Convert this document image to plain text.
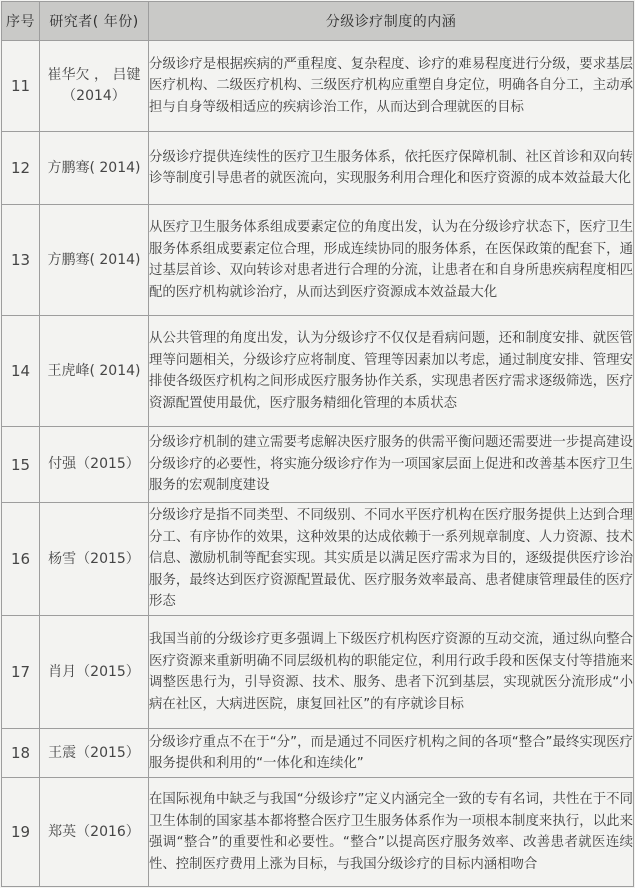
序号	研究者( 年份)	分级诊疗制度的内涵
11	崔华欠 ， 吕键（2014）	分级诊疗是根据疾病的严重程度、复杂程度、诊疗的难易程度进行分级，要求基层医疗机构、二级医疗机构、三级医疗机构应重塑自身定位，明确各自分工，主动承担与自身等级相适应的疾病诊治工作，从而达到合理就医的目标
12	方鹏骞( 2014)	分级诊疗提供连续性的医疗卫生服务体系，依托医疗保障机制、社区首诊和双向转诊等制度引导患者的就医流向，实现服务利用合理化和医疗资源的成本效益最大化
13	方鹏骞( 2014)	从医疗卫生服务体系组成要素定位的角度出发，认为在分级诊疗状态下，医疗卫生服务体系组成要素定位合理，形成连续协同的服务体系，在医保政策的配套下，通过基层首诊、双向转诊对患者进行合理的分流，让患者在和自身所患疾病程度相匹配的医疗机构就诊治疗，从而达到医疗资源成本效益最大化
14	王虎峰( 2014)	从公共管理的角度出发，认为分级诊疗不仅仅是看病问题，还和制度安排、就医管理等问题相关，分级诊疗应将制度、管理等因素加以考虑，通过制度安排、管理安排使各级医疗机构之间形成医疗服务协作关系，实现患者医疗需求逐级筛选，医疗资源配置使用最优，医疗服务精细化管理的本质状态
15	付强（2015）	分级诊疗机制的建立需要考虑解决医疗服务的供需平衡问题还需要进一步提高建设分级诊疗的必要性，将实施分级诊疗作为一项国家层面上促进和改善基本医疗卫生服务的宏观制度建设
16	杨雪（2015）	分级诊疗是指不同类型、不同级别、不同水平医疗机构在医疗服务提供上达到合理分工、有序协作的效果，这种效果的达成依赖于一系列规章制度、人力资源、技术信息、激励机制等配套实现。其实质是以满足医疗需求为目的，逐级提供医疗诊治服务，最终达到医疗资源配置最优、医疗服务效率最高、患者健康管理最佳的医疗形态
17	肖月（2015）	我国当前的分级诊疗更多强调上下级医疗机构医疗资源的互动交流，通过纵向整合医疗资源来重新明确不同层级机构的职能定位，利用行政手段和医保支付等措施来调整医患行为，引导资源、技术、服务、患者下沉到基层，实现就医分流形成“小病在社区，大病进医院，康复回社区”的有序就诊目标
18	王震（2015）	分级诊疗重点不在于“分”，而是通过不同医疗机构之间的各项“整合”最终实现医疗服务提供和利用的“一体化和连续化”
19	郑英（2016）	在国际视角中缺乏与我国“分级诊疗”定义内涵完全一致的专有名词，共性在于不同卫生体制的国家基本都将整合医疗卫生服务体系作为一项根本制度来执行，以此来强调“整合”的重要性和必要性。“整合”以提高医疗服务效率、改善患者就医连续性、控制医疗费用上涨为目标，与我国分级诊疗的目标内涵相吻合
